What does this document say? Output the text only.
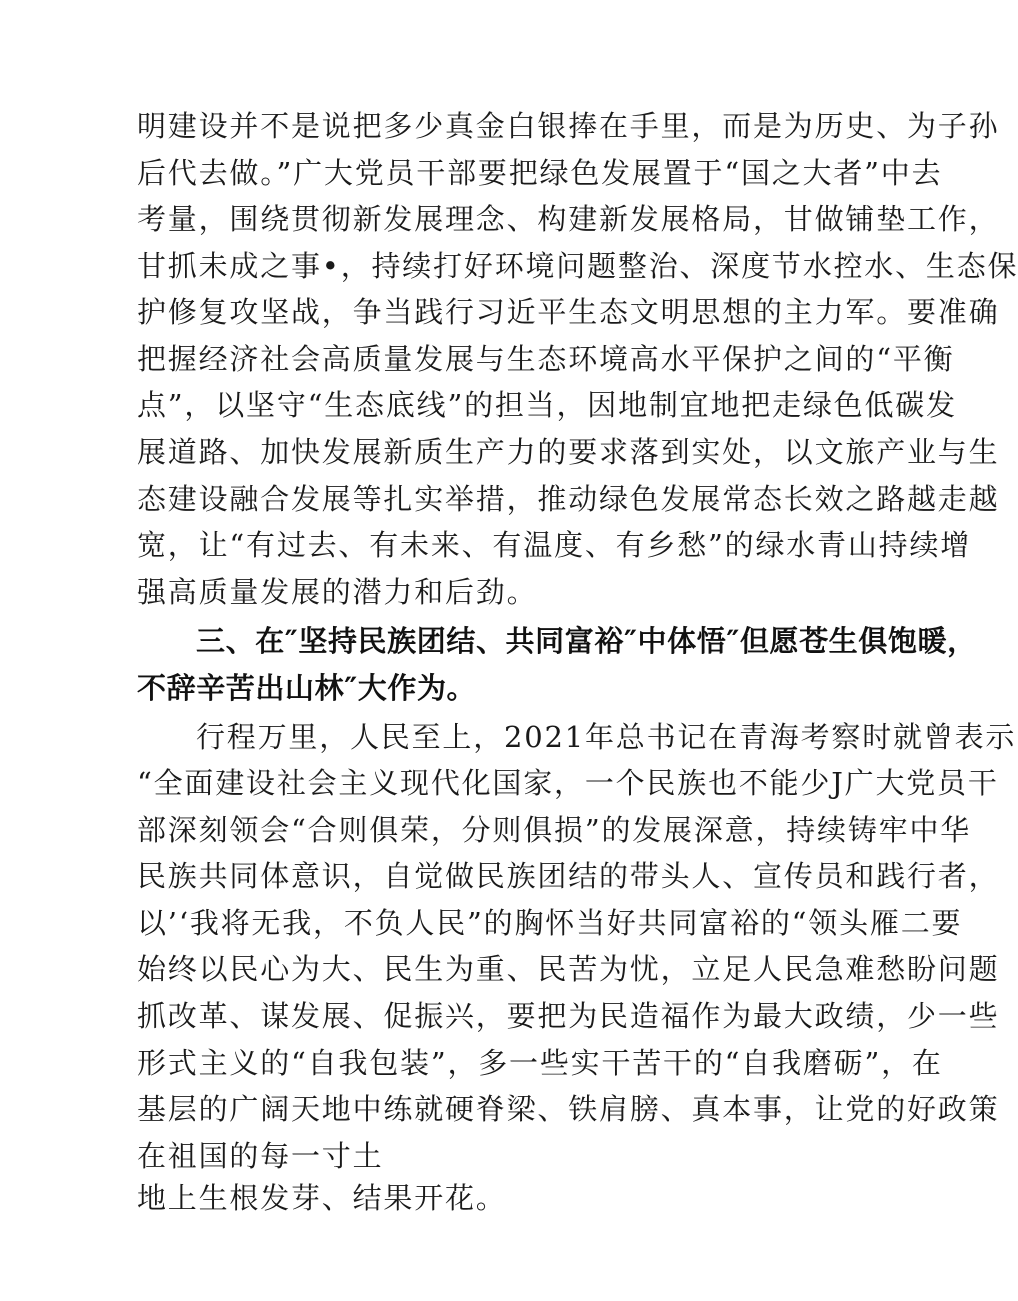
明建设并不是说把多少真金白银捧在手里，而是为历史、为子孙
后代去做。”广大党员干部要把绿色发展置于“国之大者”中去
考量，围绕贯彻新发展理念、构建新发展格局，甘做铺垫工作，
甘抓未成之事•，持续打好环境问题整治、深度节水控水、生态保
护修复攻坚战，争当践行习近平生态文明思想的主力军。要准确
把握经济社会高质量发展与生态环境高水平保护之间的“平衡
点”，以坚守“生态底线”的担当，因地制宜地把走绿色低碳发
展道路、加快发展新质生产力的要求落到实处，以文旅产业与生
态建设融合发展等扎实举措，推动绿色发展常态长效之路越走越
宽，让“有过去、有未来、有温度、有乡愁”的绿水青山持续增
强高质量发展的潜力和后劲。
三、在″坚持民族团结、共同富裕″中体悟″但愿苍生俱饱暖，
不辞辛苦出山林″大作为。
行程万里，人民至上，2021年总书记在青海考察时就曾表示
“全面建设社会主义现代化国家，一个民族也不能少J广大党员干
部深刻领会“合则俱荣，分则俱损”的发展深意，持续铸牢中华
民族共同体意识，自觉做民族团结的带头人、宣传员和践行者，
以’‘我将无我，不负人民”的胸怀当好共同富裕的“领头雁二要
始终以民心为大、民生为重、民苦为忧，立足人民急难愁盼问题
抓改革、谋发展、促振兴，要把为民造福作为最大政绩，少一些
形式主义的“自我包装”，多一些实干苦干的“自我磨砺”，在
基层的广阔天地中练就硬脊梁、铁肩膀、真本事，让党的好政策
在祖国的每一寸土
地上生根发芽、结果开花。
